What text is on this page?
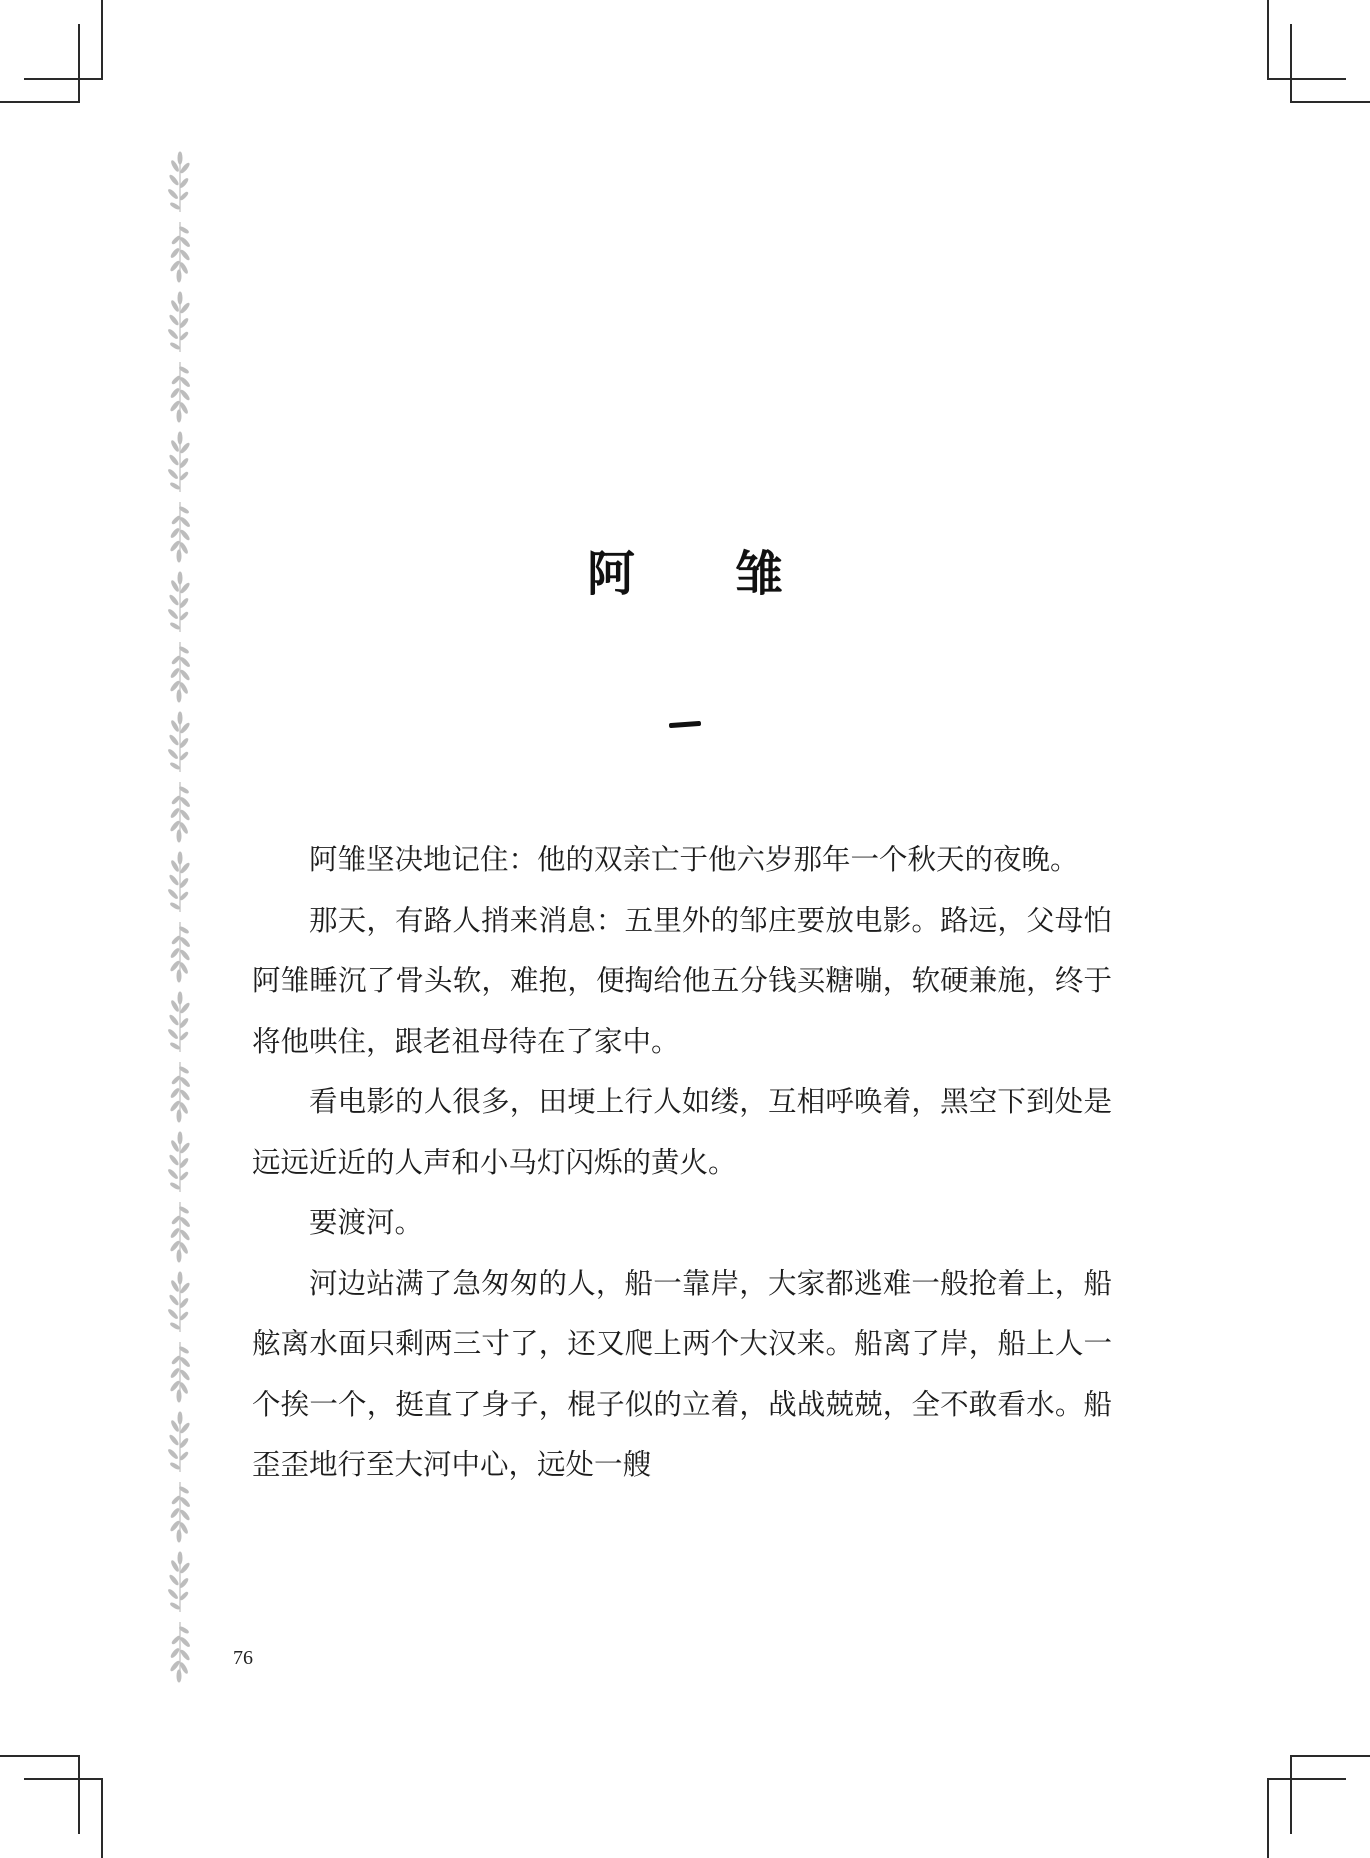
阿 雏

阿雏坚决地记住：他的双亲亡于他六岁那年一个秋天的夜晚。

那天，有路人捎来消息：五里外的邹庄要放电影。路远，父母怕阿雏睡沉了骨头软，难抱，便掏给他五分钱买糖嘣，软硬兼施，终于将他哄住，跟老祖母待在了家中。

看电影的人很多，田埂上行人如缕，互相呼唤着，黑空下到处是远远近近的人声和小马灯闪烁的黄火。

要渡河。

河边站满了急匆匆的人，船一靠岸，大家都逃难一般抢着上，船舷离水面只剩两三寸了，还又爬上两个大汉来。船离了岸，船上人一个挨一个，挺直了身子，棍子似的立着，战战兢兢，全不敢看水。船歪歪地行至大河中心，远处一艘

76
